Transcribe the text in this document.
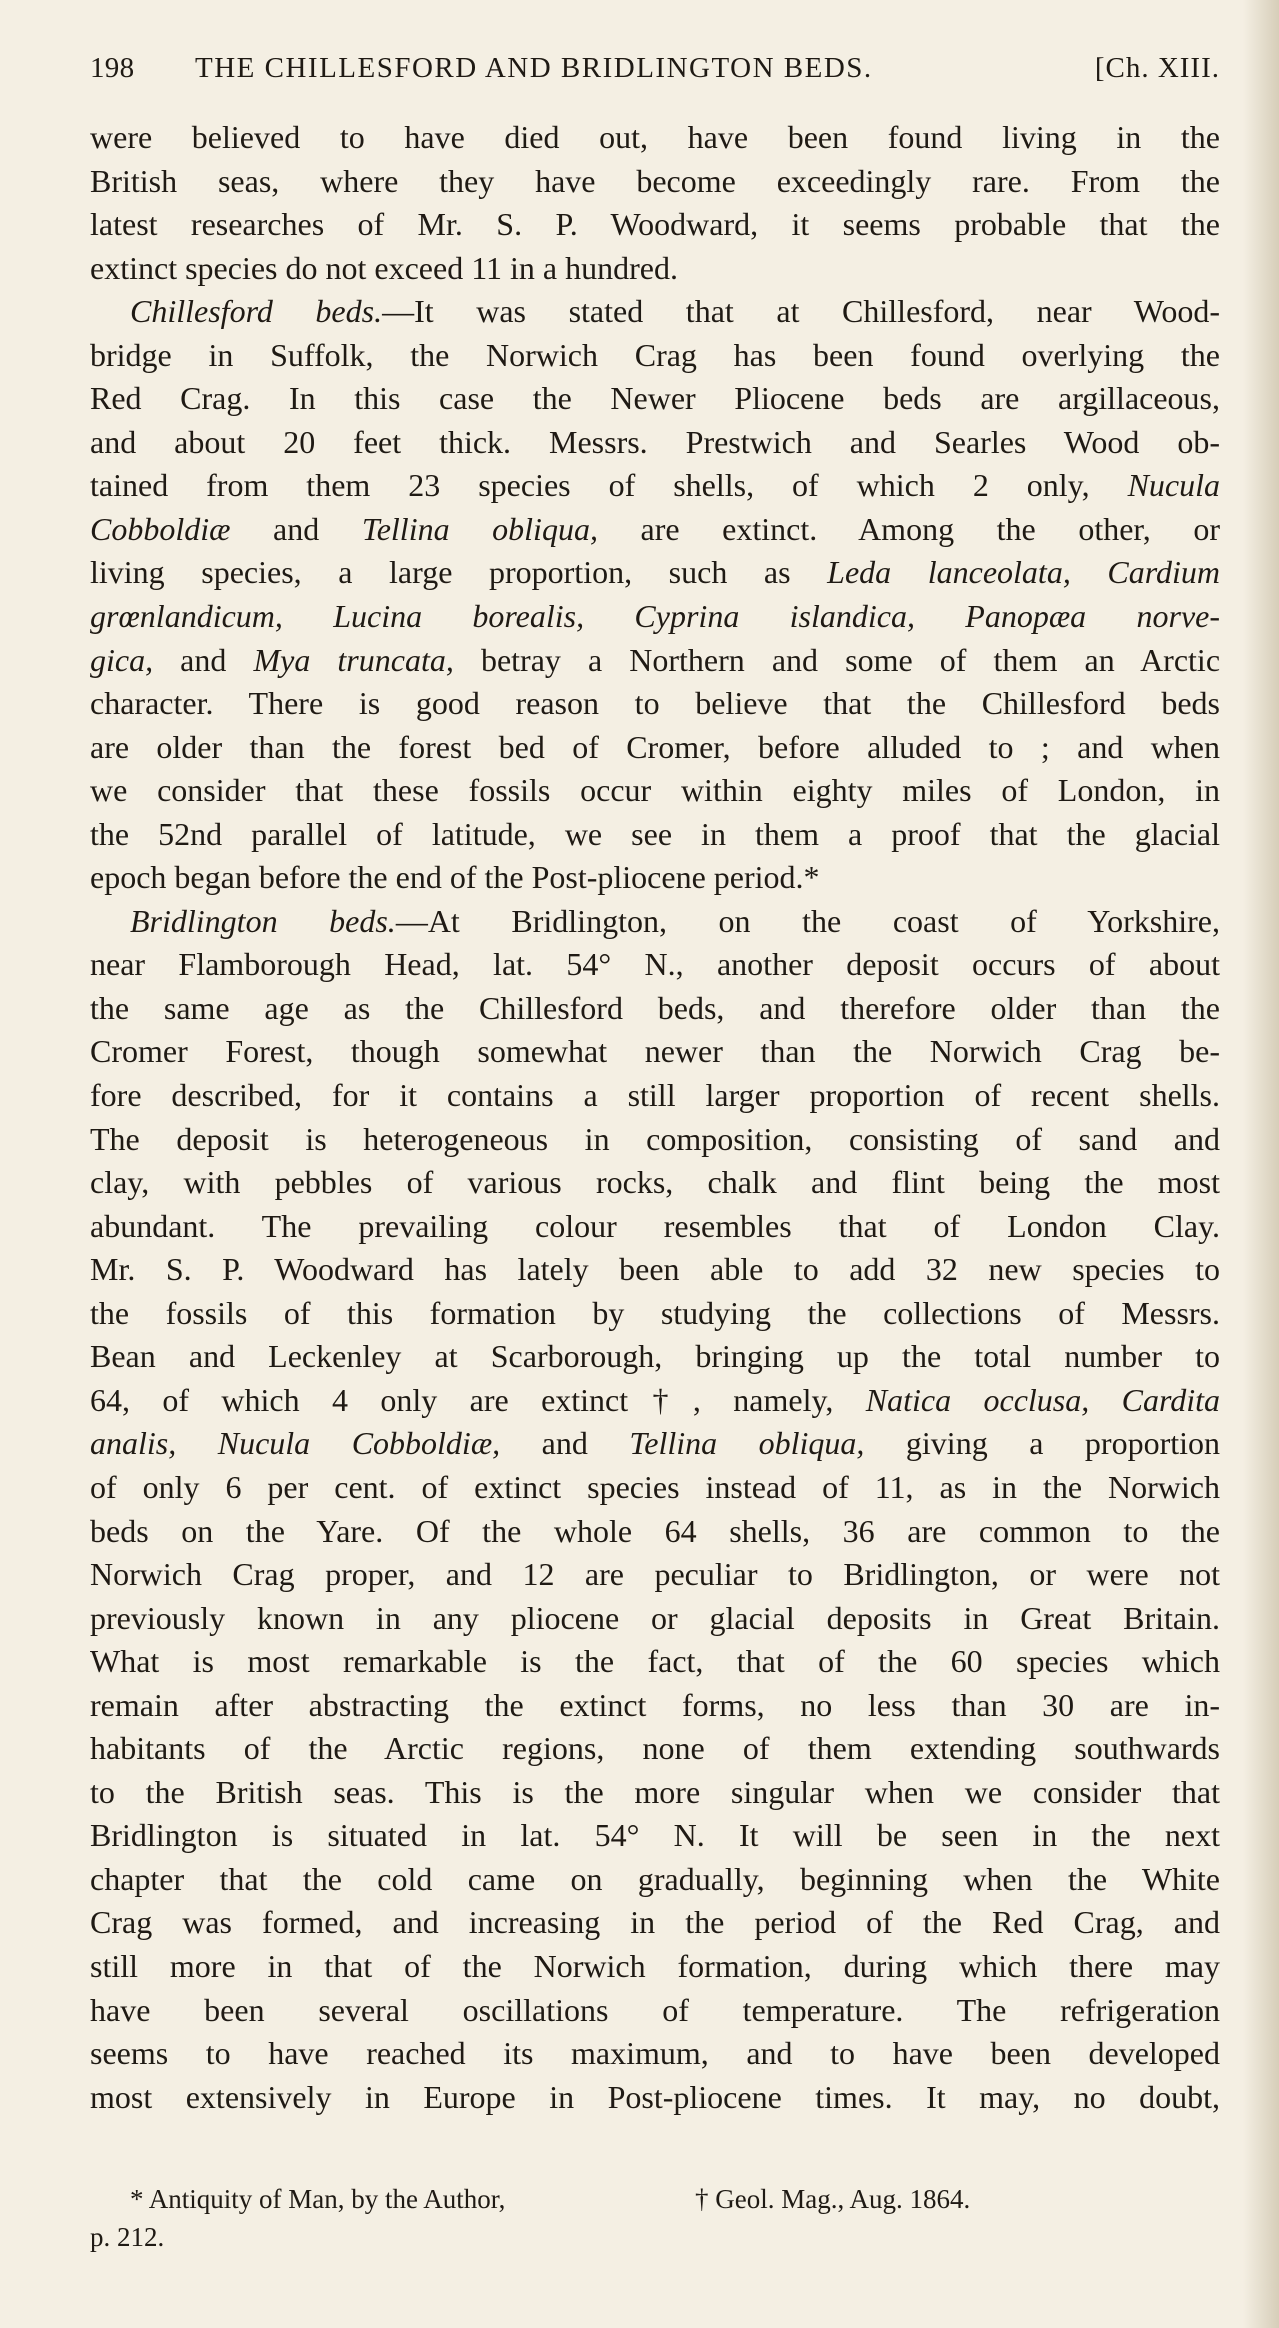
198 THE CHILLESFORD AND BRIDLINGTON BEDS.	[Ch. XIII.
were believed to have died out, have been found living in the
British seas, where they have become exceedingly rare. From the
latest researches of Mr. S. P. Woodward, it seems probable that the
extinct species do not exceed 11 in a hundred.
Chillesford beds.—It was stated that at Chillesford, near Wood-
bridge in Suffolk, the Norwich Crag has been found overlying the
Red Crag. In this case the Newer Pliocene beds are argillaceous,
and about 20 feet thick. Messrs. Prestwich and Searles Wood ob-
tained from them 23 species of shells, of which 2 only, Nucula
Cobboldiæ and Tellina obliqua, are extinct. Among the other, or
living species, a large proportion, such as Leda lanceolata, Cardium
grœnlandicum, Lucina borealis, Cyprina islandica, Panopæa norve-
gica, and Mya truncata, betray a Northern and some of them an Arctic
character. There is good reason to believe that the Chillesford beds
are older than the forest bed of Cromer, before alluded to ; and when
we consider that these fossils occur within eighty miles of London, in
the 52nd parallel of latitude, we see in them a proof that the glacial
epoch began before the end of the Post-pliocene period.*
Bridlington beds.—At Bridlington, on the coast of Yorkshire,
near Flamborough Head, lat. 54° N., another deposit occurs of about
the same age as the Chillesford beds, and therefore older than the
Cromer Forest, though somewhat newer than the Norwich Crag be-
fore described, for it contains a still larger proportion of recent shells.
The deposit is heterogeneous in composition, consisting of sand and
clay, with pebbles of various rocks, chalk and flint being the most
abundant. The prevailing colour resembles that of London Clay.
Mr. S. P. Woodward has lately been able to add 32 new species to
the fossils of this formation by studying the collections of Messrs.
Bean and Leckenley at Scarborough, bringing up the total number to
64, of which 4 only are extinct†, namely, Natica occlusa, Cardita
analis, Nucula Cobboldiæ, and Tellina obliqua, giving a proportion
of only 6 per cent. of extinct species instead of 11, as in the Norwich
beds on the Yare. Of the whole 64 shells, 36 are common to the
Norwich Crag proper, and 12 are peculiar to Bridlington, or were not
previously known in any pliocene or glacial deposits in Great Britain.
What is most remarkable is the fact, that of the 60 species which
remain after abstracting the extinct forms, no less than 30 are in-
habitants of the Arctic regions, none of them extending southwards
to the British seas. This is the more singular when we consider that
Bridlington is situated in lat. 54° N. It will be seen in the next
chapter that the cold came on gradually, beginning when the White
Crag was formed, and increasing in the period of the Red Crag, and
still more in that of the Norwich formation, during which there may
have been several oscillations of temperature. The refrigeration
seems to have reached its maximum, and to have been developed
most extensively in Europe in Post-pliocene times. It may, no doubt,
* Antiquity of Man, by the Author,
p. 212.
† Geol. Mag., Aug. 1864.
